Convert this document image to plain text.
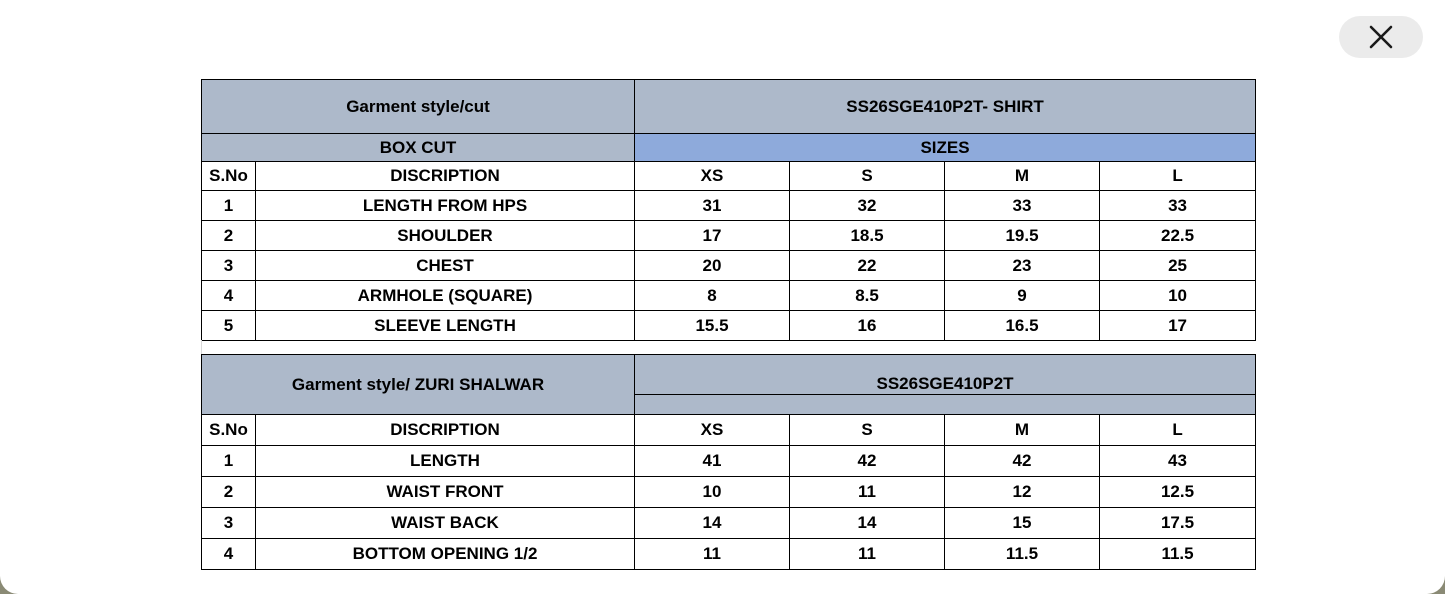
Garment style/cut		SS26SGE410P2T- SHIRT			
BOX CUT		SIZES			
S.No	DISCRIPTION	XS	S	M	L
1	LENGTH FROM HPS	31	32	33	33
2	SHOULDER	17	18.5	19.5	22.5
3	CHEST	20	22	23	25
4	ARMHOLE (SQUARE)	8	8.5	9	10
5	SLEEVE LENGTH	15.5	16	16.5	17
Garment style/ ZURI SHALWAR		SS26SGE410P2T			

S.No	DISCRIPTION	XS	S	M	L
1	LENGTH	41	42	42	43
2	WAIST FRONT	10	11	12	12.5
3	WAIST BACK	14	14	15	17.5
4	BOTTOM OPENING 1/2	11	11	11.5	11.5
